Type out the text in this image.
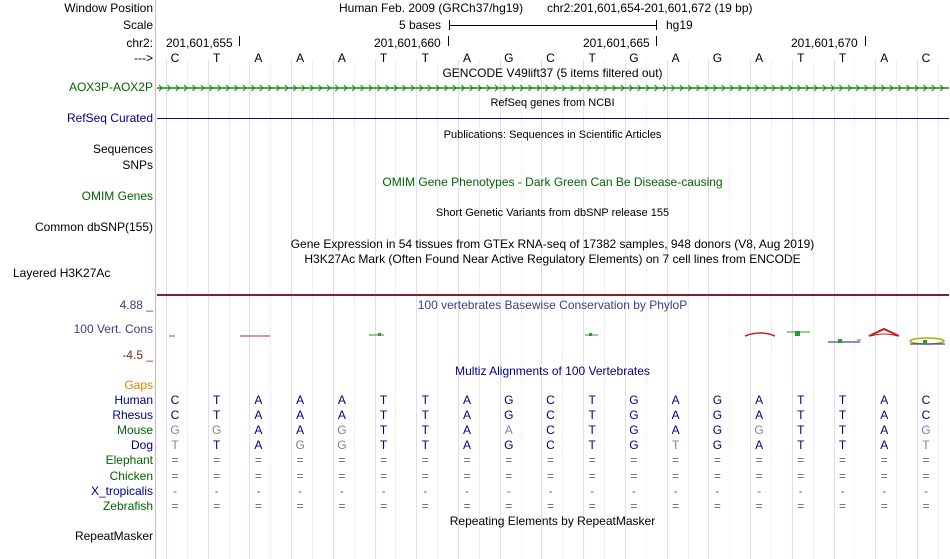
Window Position
Scale
chr2:
--->
Human Feb. 2009 (GRCh37/hg19) chr2:201,601,654-201,601,672 (19 bp)
5 bases	hg19
201,601,655	201,601,660	201,601,665	201,601,670
C	T	A	A	A	T	T	A	G	C	T	G	A	G	A	T	T	A	C
GENCODE V49lift37 (5 items filtered out)
AOX3P-AOX2P
RefSeq genes from NCBI
RefSeq Curated
Publications: Sequences in Scientific Articles
Sequences
SNPs
OMIM Gene Phenotypes - Dark Green Can Be Disease-causing
OMIM Genes
Short Genetic Variants from dbSNP release 155
Common dbSNP(155)
Gene Expression in 54 tissues from GTEx RNA-seq of 17382 samples, 948 donors (V8, Aug 2019)
H3K27Ac Mark (Often Found Near Active Regulatory Elements) on 7 cell lines from ENCODE
Layered H3K27Ac
100 vertebrates Basewise Conservation by PhyloP
4.88 _
100 Vert. Cons
-4.5 _
Multiz Alignments of 100 Vertebrates
Gaps
Human	C	T	A	A	A	T	T	A	G	C	T	G	A	G	A	T	T	A	C
Rhesus	C	T	A	A	A	T	T	A	G	C	T	G	A	G	A	T	T	A	C
Mouse	G	G	A	A	G	T	T	A	A	C	T	G	A	G	G	T	T	A	G
Dog	T	T	A	G	G	T	T	A	G	C	T	G	T	G	A	T	T	A	T
Elephant	=	=	=	=	=	=	=	=	=	=	=	=	=	=	=	=	=	=	=
Chicken	=	=	=	=	=	=	=	=	=	=	=	=	=	=	=	=	=	=	=
X_tropicalis	-	-	-	-	-	-	-	-	-	-	-	-	-	-	-	-	-	-	-
Zebrafish	=	=	=	=	=	=	=	=	=	=	=	=	=	=	=	=	=	=	=
Repeating Elements by RepeatMasker
RepeatMasker
